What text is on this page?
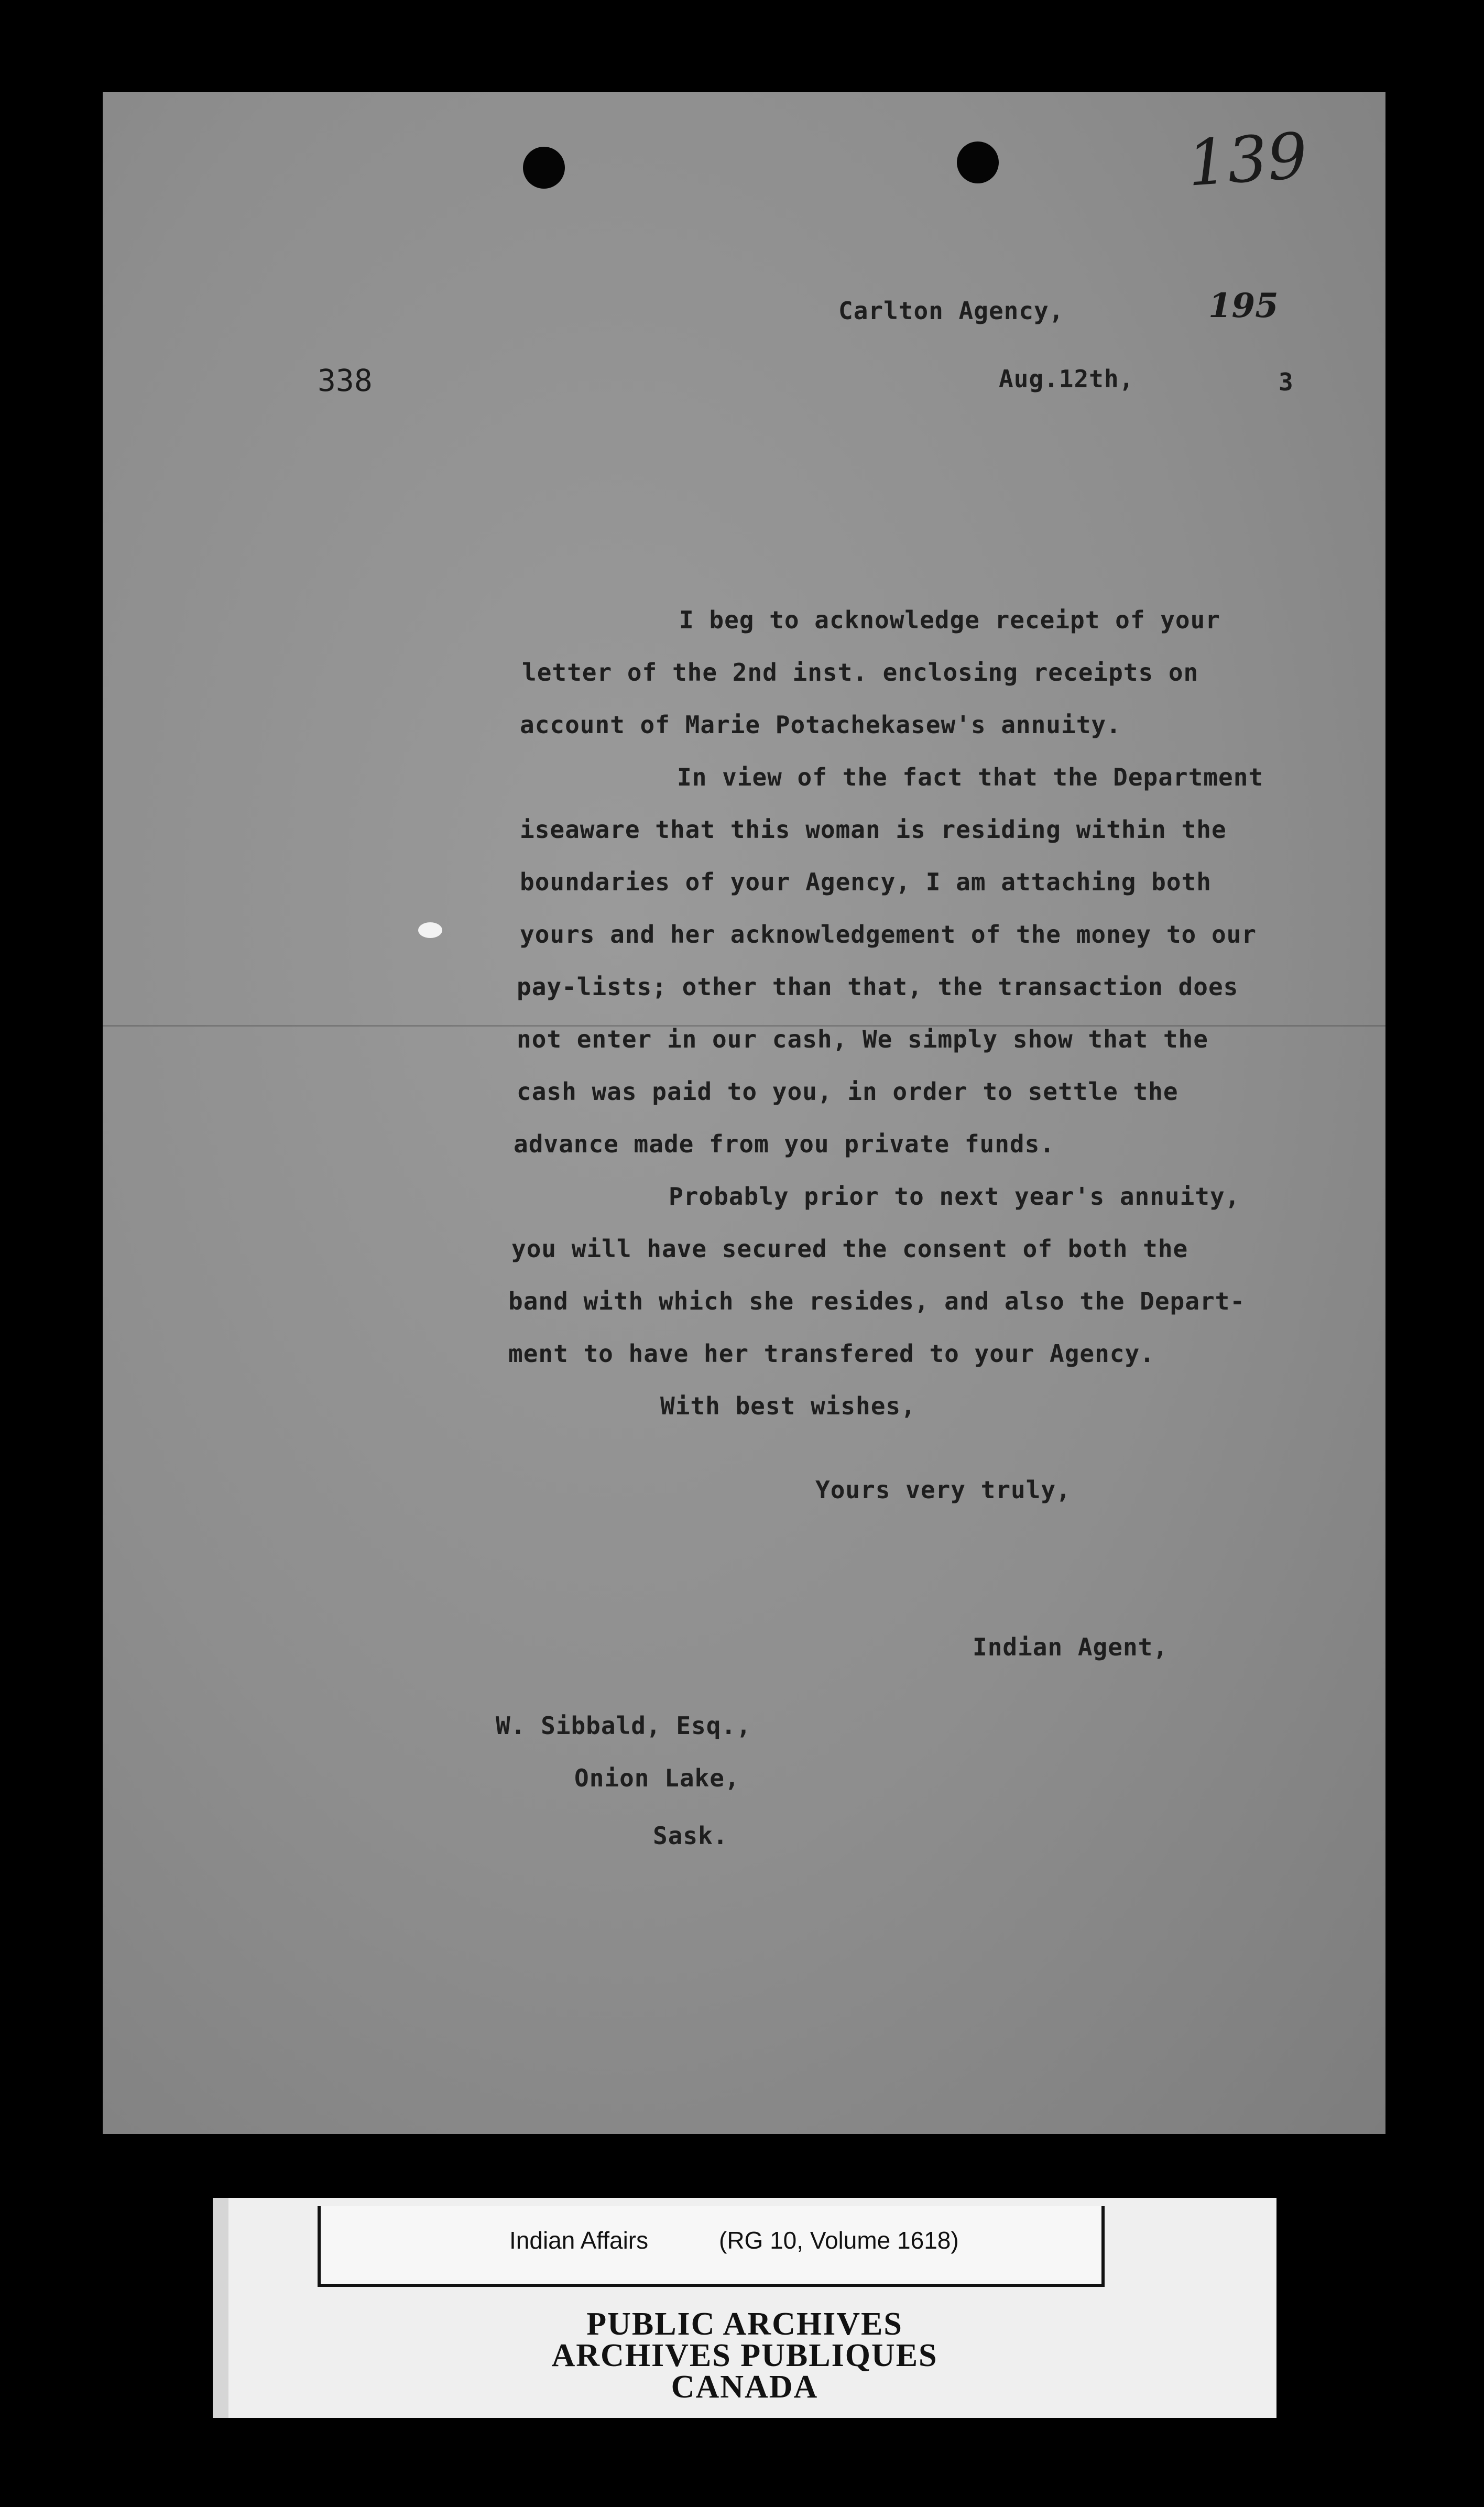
139
195
338
Carlton Agency,
Aug.12th,	3
I beg to acknowledge receipt of your
letter of the 2nd inst. enclosing receipts on
account of Marie Potachekasew's annuity.
In view of the fact that the Department
iseaware that this woman is residing within the
boundaries of your Agency, I am attaching both
yours and her acknowledgement of the money to our
pay-lists; other than that, the transaction does
not enter in our cash, We simply show that the
cash was paid to you, in order to settle the
advance made from you private funds.
Probably prior to next year's annuity,
you will have secured the consent of both the
band with which she resides, and also the Depart-
ment to have her transfered to your Agency.
With best wishes,
Yours very truly,
Indian Agent,
W. Sibbald, Esq.,
Onion Lake,
Sask.
Indian Affairs	(RG 10, Volume 1618)
PUBLIC ARCHIVES
ARCHIVES PUBLIQUES
CANADA
